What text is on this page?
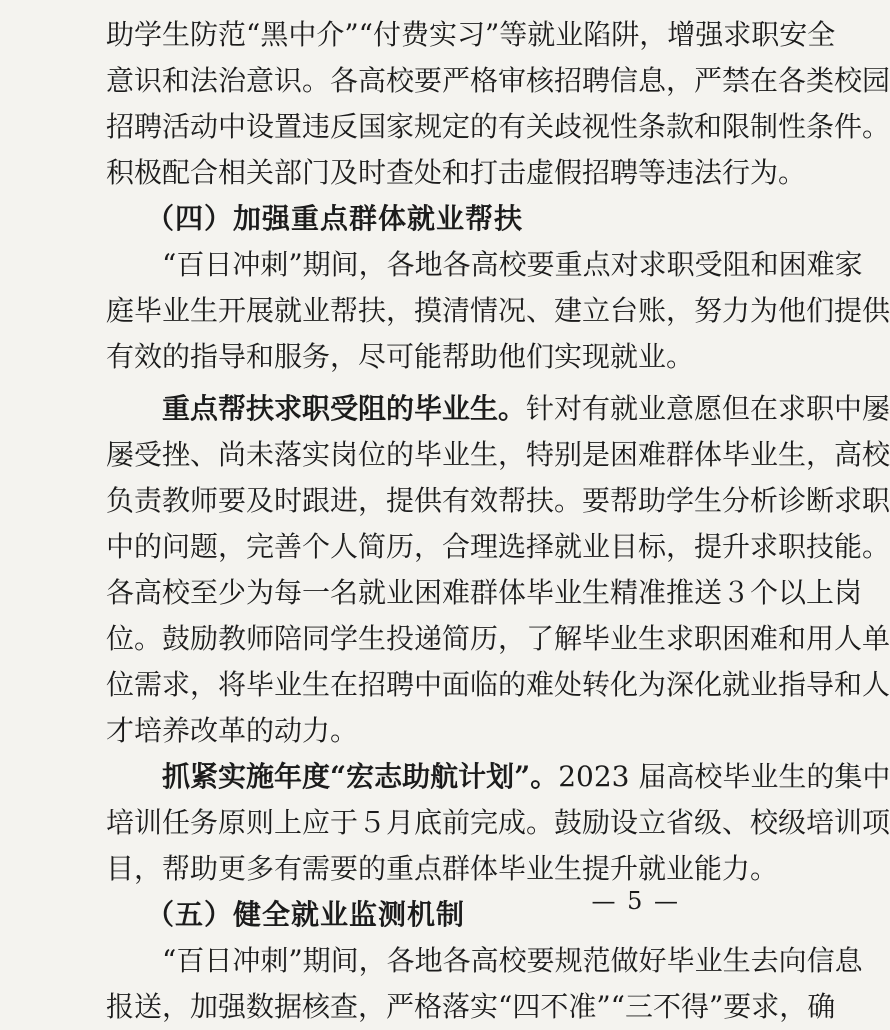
助学生防范“黑中介”“付费实习”等就业陷阱，增强求职安全
意识和法治意识。各高校要严格审核招聘信息，严禁在各类校园
招聘活动中设置违反国家规定的有关歧视性条款和限制性条件。
积极配合相关部门及时查处和打击虚假招聘等违法行为。
（四）加强重点群体就业帮扶
“百日冲刺”期间，各地各高校要重点对求职受阻和困难家
庭毕业生开展就业帮扶，摸清情况、建立台账，努力为他们提供
有效的指导和服务，尽可能帮助他们实现就业。
重点帮扶求职受阻的毕业生。针对有就业意愿但在求职中屡
屡受挫、尚未落实岗位的毕业生，特别是困难群体毕业生，高校
负责教师要及时跟进，提供有效帮扶。要帮助学生分析诊断求职
中的问题，完善个人简历，合理选择就业目标，提升求职技能。
各高校至少为每一名就业困难群体毕业生精准推送３个以上岗
位。鼓励教师陪同学生投递简历，了解毕业生求职困难和用人单
位需求，将毕业生在招聘中面临的难处转化为深化就业指导和人
才培养改革的动力。
抓紧实施年度“宏志助航计划”。2023 届高校毕业生的集中
培训任务原则上应于５月底前完成。鼓励设立省级、校级培训项
目，帮助更多有需要的重点群体毕业生提升就业能力。
（五）健全就业监测机制
“百日冲刺”期间，各地各高校要规范做好毕业生去向信息
报送，加强数据核查，严格落实“四不准”“三不得”要求，确
— 5 —
